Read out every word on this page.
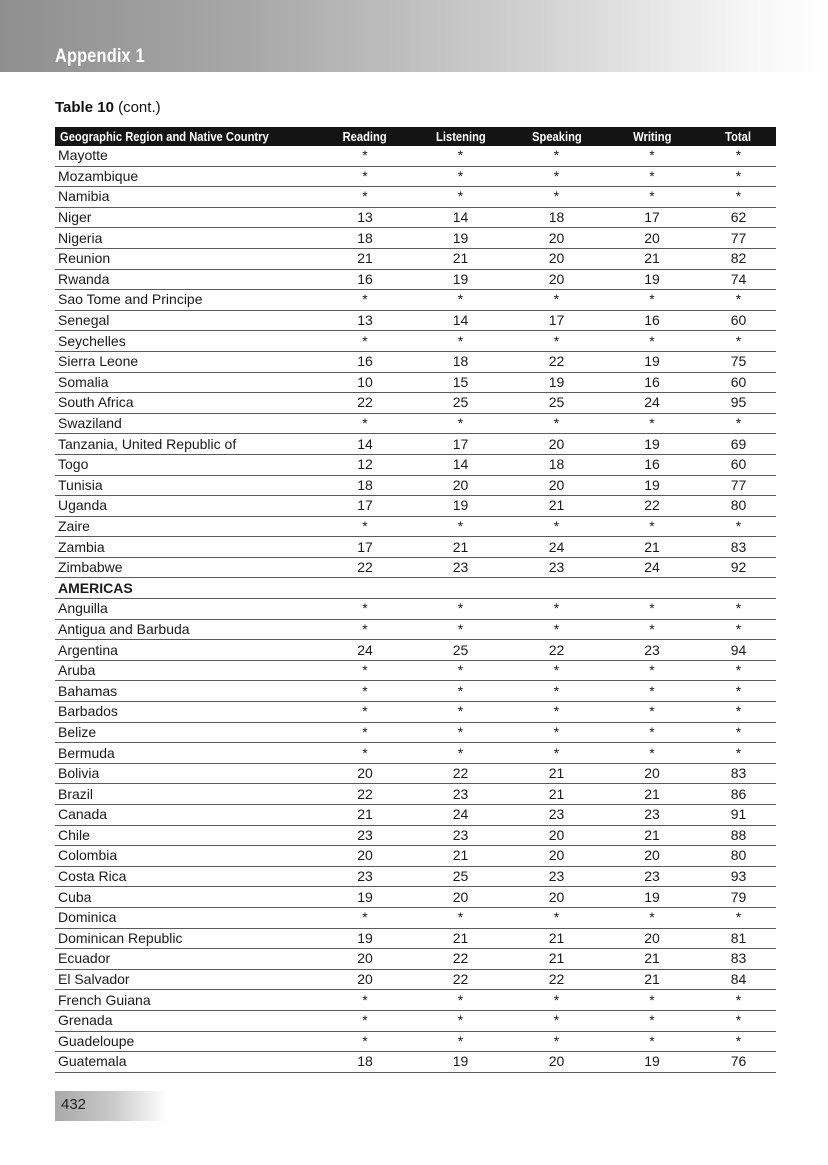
Appendix 1
Table 10 (cont.)
Geographic Region and Native Country	Reading	Listening	Speaking	Writing	Total
Mayotte	*	*	*	*	*
Mozambique	*	*	*	*	*
Namibia	*	*	*	*	*
Niger	13	14	18	17	62
Nigeria	18	19	20	20	77
Reunion	21	21	20	21	82
Rwanda	16	19	20	19	74
Sao Tome and Principe	*	*	*	*	*
Senegal	13	14	17	16	60
Seychelles	*	*	*	*	*
Sierra Leone	16	18	22	19	75
Somalia	10	15	19	16	60
South Africa	22	25	25	24	95
Swaziland	*	*	*	*	*
Tanzania, United Republic of	14	17	20	19	69
Togo	12	14	18	16	60
Tunisia	18	20	20	19	77
Uganda	17	19	21	22	80
Zaire	*	*	*	*	*
Zambia	17	21	24	21	83
Zimbabwe	22	23	23	24	92
AMERICAS					
Anguilla	*	*	*	*	*
Antigua and Barbuda	*	*	*	*	*
Argentina	24	25	22	23	94
Aruba	*	*	*	*	*
Bahamas	*	*	*	*	*
Barbados	*	*	*	*	*
Belize	*	*	*	*	*
Bermuda	*	*	*	*	*
Bolivia	20	22	21	20	83
Brazil	22	23	21	21	86
Canada	21	24	23	23	91
Chile	23	23	20	21	88
Colombia	20	21	20	20	80
Costa Rica	23	25	23	23	93
Cuba	19	20	20	19	79
Dominica	*	*	*	*	*
Dominican Republic	19	21	21	20	81
Ecuador	20	22	21	21	83
El Salvador	20	22	22	21	84
French Guiana	*	*	*	*	*
Grenada	*	*	*	*	*
Guadeloupe	*	*	*	*	*
Guatemala	18	19	20	19	76
432
